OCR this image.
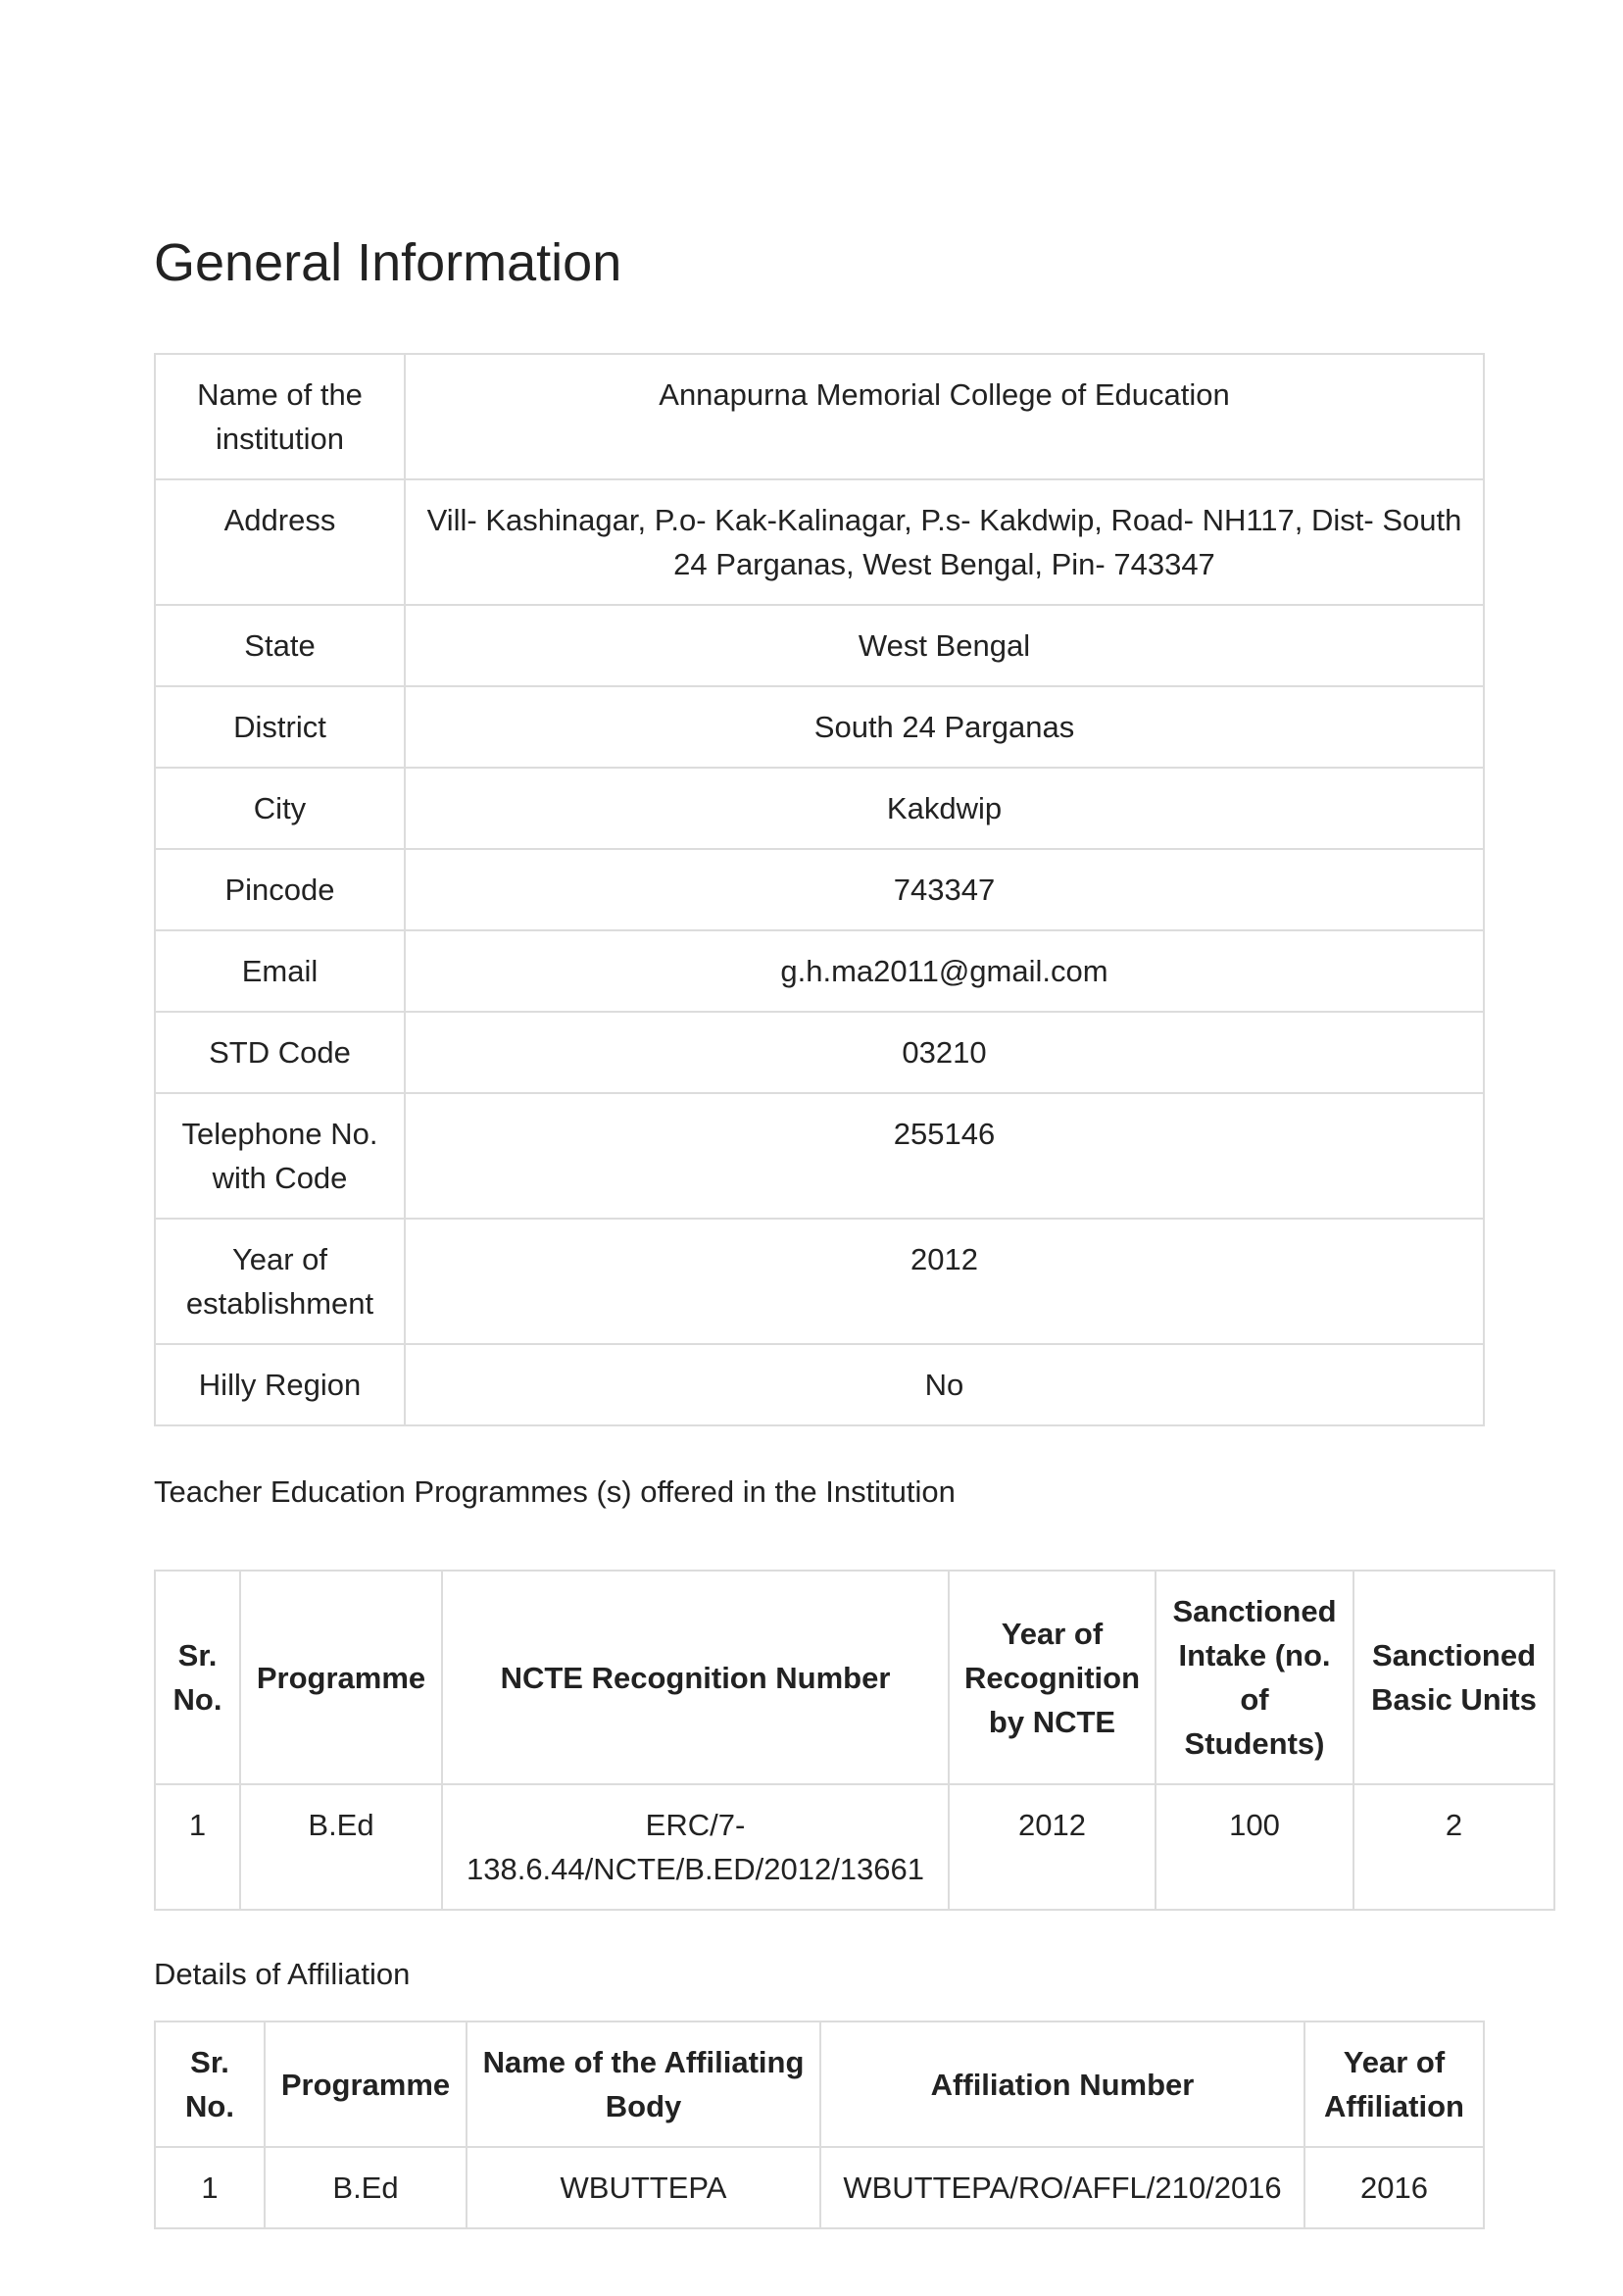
General Information
Name of the institution	Annapurna Memorial College of Education
Address	Vill- Kashinagar, P.o- Kak-Kalinagar, P.s- Kakdwip, Road- NH117, Dist- South 24 Parganas, West Bengal, Pin- 743347
State	West Bengal
District	South 24 Parganas
City	Kakdwip
Pincode	743347
Email	g.h.ma2011@gmail.com
STD Code	03210
Telephone No. with Code	255146
Year of establishment	2012
Hilly Region	No

Teacher Education Programmes (s) offered in the Institution

Sr. No.	Programme	NCTE Recognition Number	Year of Recognition by NCTE	Sanctioned Intake (no. of Students)	Sanctioned Basic Units
1	B.Ed	ERC/7-138.6.44/NCTE/B.ED/2012/13661	2012	100	2

Details of Affiliation

Sr. No.	Programme	Name of the Affiliating Body	Affiliation Number	Year of Affiliation
1	B.Ed	WBUTTEPA	WBUTTEPA/RO/AFFL/210/2016	2016
